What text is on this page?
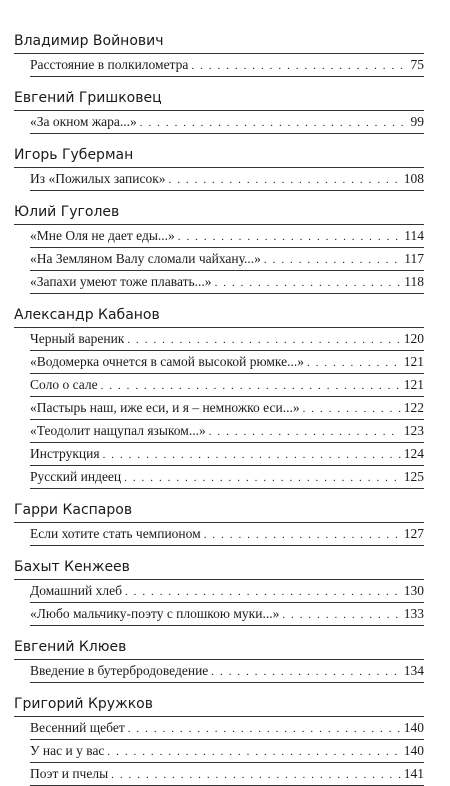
Владимир Войнович
Расстояние в полкилометра . . .	75
Евгений Гришковец
«За окном жара...» . . .	99
Игорь Губерман
Из «Пожилых записок» . . .	108
Юлий Гуголев
«Мне Оля не дает еды...» . . .	114
«На Земляном Валу сломали чайхану...» . . .	117
«Запахи умеют тоже плавать...» . . .	118
Александр Кабанов
Черный вареник . . .	120
«Водомерка очнется в самой высокой рюмке...» . . .	121
Соло о сале . . .	121
«Пастырь наш, иже еси, и я – немножко еси...» . . .	122
«Теодолит нащупал языком...» . . .	123
Инструкция . . .	124
Русский индеец . . .	125
Гарри Каспаров
Если хотите стать чемпионом . . .	127
Бахыт Кенжеев
Домашний хлеб . . .	130
«Любо мальчику-поэту с плошкою муки...» . . .	133
Евгений Клюев
Введение в бутербродоведение . . .	134
Григорий Кружков
Весенний щебет . . .	140
У нас и у вас . . .	140
Поэт и пчелы . . .	141
